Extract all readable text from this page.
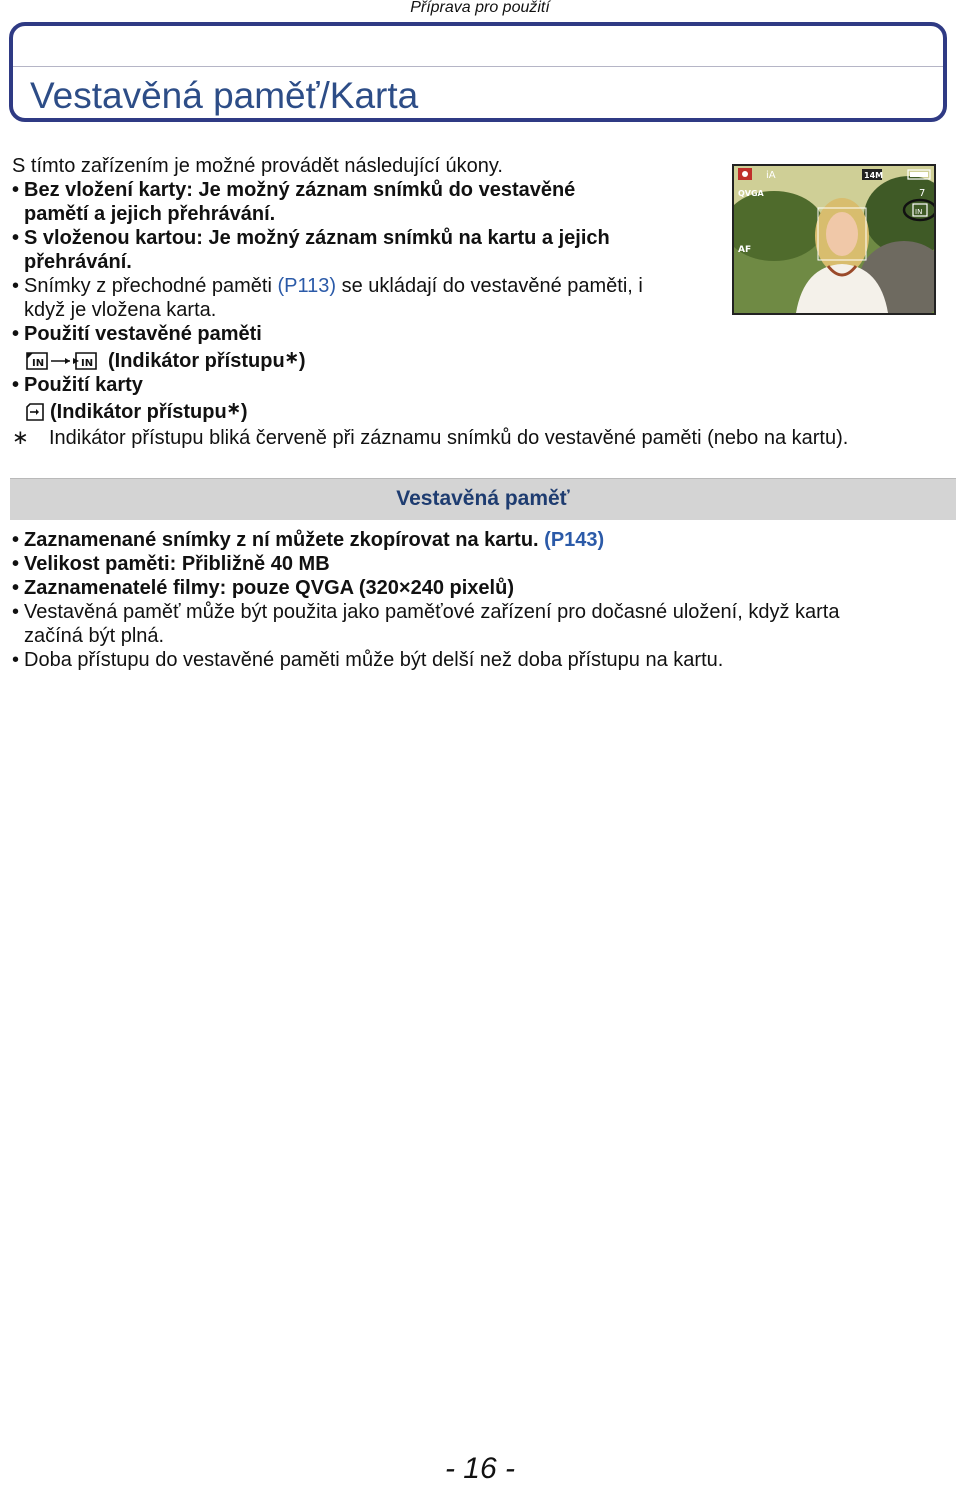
Příprava pro použití
Vestavěná paměť/Karta
S tímto zařízením je možné provádět následující úkony.
• Bez vložení karty: Je možný záznam snímků do vestavěné
pamětí a jejich přehrávání.
• S vloženou kartou: Je možný záznam snímků na kartu a jejich
přehrávání.
• Snímky z přechodné paměti (P113) se ukládají do vestavěné paměti, i
když je vložena karta.
• Použití vestavěné paměti
IN	IN (Indikátor přístupu∗)
• Použití karty
(Indikátor přístupu∗)
iA	14M
QVGA	7
IN
AF
∗	Indikátor přístupu bliká červeně při záznamu snímků do vestavěné paměti (nebo na kartu).
Vestavěná paměť
• Zaznamenané snímky z ní můžete zkopírovat na kartu. (P143)
• Velikost paměti: Přibližně 40 MB
• Zaznamenatelé filmy: pouze QVGA (320×240 pixelů)
• Vestavěná paměť může být použita jako paměťové zařízení pro dočasné uložení, když karta
začíná být plná.
• Doba přístupu do vestavěné paměti může být delší než doba přístupu na kartu.
- 16 -
